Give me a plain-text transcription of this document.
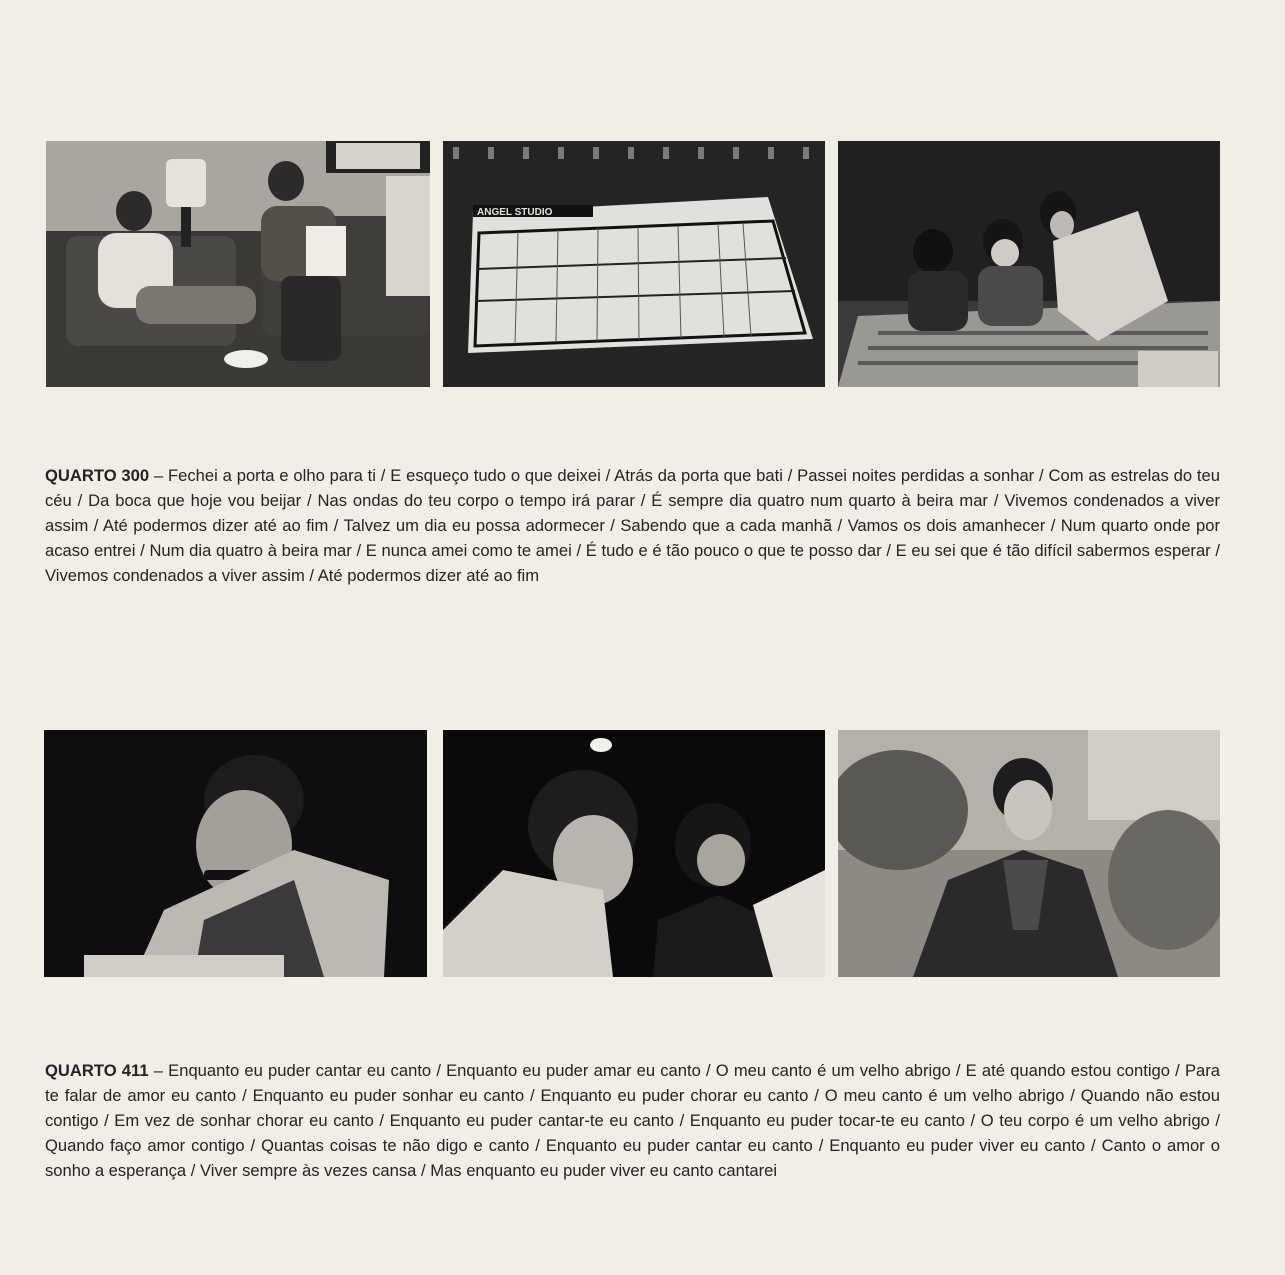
ANGEL STUDIO

QUARTO 300 – Fechei a porta e olho para ti / E esqueço tudo o que deixei / Atrás da porta que bati / Passei noites perdidas a sonhar / Com as estrelas do teu céu / Da boca que hoje vou beijar / Nas ondas do teu corpo o tempo irá parar / É sempre dia quatro num quarto à beira mar / Vivemos condenados a viver assim / Até podermos dizer até ao fim / Talvez um dia eu possa adormecer / Sabendo que a cada manhã / Vamos os dois amanhecer / Num quarto onde por acaso entrei / Num dia quatro à beira mar / E nunca amei como te amei / É tudo e é tão pouco o que te posso dar / E eu sei que é tão difícil sabermos esperar / Vivemos condenados a viver assim / Até podermos dizer até ao fim

QUARTO 411 – Enquanto eu puder cantar eu canto / Enquanto eu puder amar eu canto / O meu canto é um velho abrigo / E até quando estou contigo / Para te falar de amor eu canto / Enquanto eu puder sonhar eu canto / Enquanto eu puder chorar eu canto / O meu canto é um velho abrigo / Quando não estou contigo / Em vez de sonhar chorar eu canto / Enquanto eu puder cantar-te eu canto / Enquanto eu puder tocar-te eu canto / O teu corpo é um velho abrigo / Quando faço amor contigo / Quantas coisas te não digo e canto / Enquanto eu puder cantar eu canto / Enquanto eu puder viver eu canto / Canto o amor o sonho a esperança / Viver sempre às vezes cansa / Mas enquanto eu puder viver eu canto cantarei
